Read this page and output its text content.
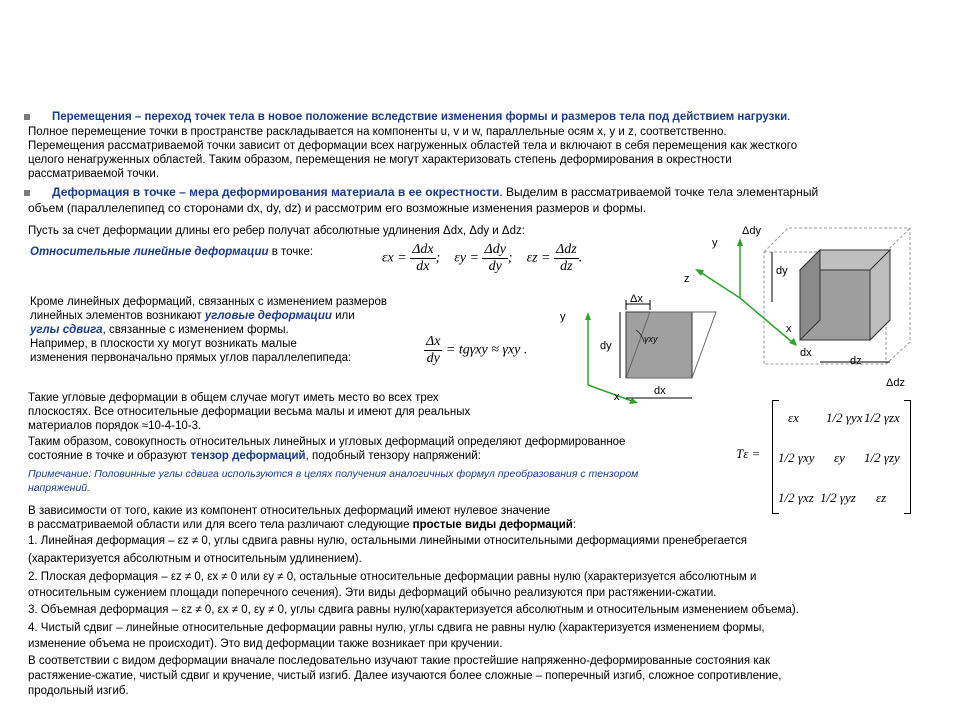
Перемещения – переход точек тела в новое положение вследствие изменения формы и размеров тела под действием нагрузки.
Полное перемещение точки в пространстве раскладывается на компоненты u, v и w, параллельные осям x, y и z, соответственно.
Перемещения рассматриваемой точки зависит от деформации всех нагруженных областей тела и включают в себя перемещения как жесткого
целого ненагруженных областей. Таким образом, перемещения не могут характеризовать степень деформирования в окрестности
рассматриваемой точки.
Деформация в точке – мера деформирования материала в ее окрестности. Выделим в рассматриваемой точке тела элементарный
объем (параллелепипед со сторонами dx, dy, dz) и рассмотрим его возможные изменения размеров и формы.
Пусть за счет деформации длины его ребер получат абсолютные удлинения Δdx, Δdy и Δdz:
Относительные линейные деформации в точке:	$\varepsilon x = \frac{\text{Δdx}}{dx}$ ; $\varepsilon y = \frac{\text{Δdy}}{dy}$ ; $\varepsilon z = \frac{\text{Δdz}}{dz}$ .
Кроме линейных деформаций, связанных с изменением размеров
линейных элементов возникают угловые деформации или
углы сдвига, связанные с изменением формы.
Например, в плоскости xy могут возникать малые
изменения первоначально прямых углов параллелепипеда:	$\frac{\Delta x}{dy} = tg\gamma xy \approx \gamma xy$ .
y
x
Δx
dy
dx
γxy
y
z
x
dy
dz
dx
Δdy
Δdz
Такие угловые деформации в общем случае могут иметь место во всех трех
плоскостях. Все относительные деформации весьма малы и имеют для реальных
материалов порядок ≈10-4-10-3.
Таким образом, совокупность относительных линейных и угловых деформаций определяют деформированное
состояние в точке и образуют тензор деформаций, подобный тензору напряжений:
Примечание: Половинные углы сдвига используются в целях получения аналогичных формул преобразования с тензором
напряжений.
Tε =
εx 1/2 γyx 1/2 γzx
1/2 γxy εy 1/2 γzy
1/2 γxz 1/2 γyz εz
В зависимости от того, какие из компонент относительных деформаций имеют нулевое значение
в рассматриваемой области или для всего тела различают следующие простые виды деформаций:
1. Линейная деформация – εz ≠ 0, углы сдвига равны нулю, остальными линейными относительными деформациями пренебрегается
(характеризуется абсолютным и относительным удлинением).
2. Плоская деформация – εz ≠ 0, εx ≠ 0 или εy ≠ 0, остальные относительные деформации равны нулю (характеризуется абсолютным и
относительным сужением площади поперечного сечения). Эти виды деформаций обычно реализуются при растяжении-сжатии.
3. Объемная деформация – εz ≠ 0, εx ≠ 0, εy ≠ 0, углы сдвига равны нулю(характеризуется абсолютным и относительным изменением объема).
4. Чистый сдвиг – линейные относительные деформации равны нулю, углы сдвига не равны нулю (характеризуется изменением формы,
изменение объема не происходит). Это вид деформации также возникает при кручении.
В соответствии с видом деформации вначале последовательно изучают такие простейшие напряженно-деформированные состояния как
растяжение-сжатие, чистый сдвиг и кручение, чистый изгиб. Далее изучаются более сложные – поперечный изгиб, сложное сопротивление,
продольный изгиб.
